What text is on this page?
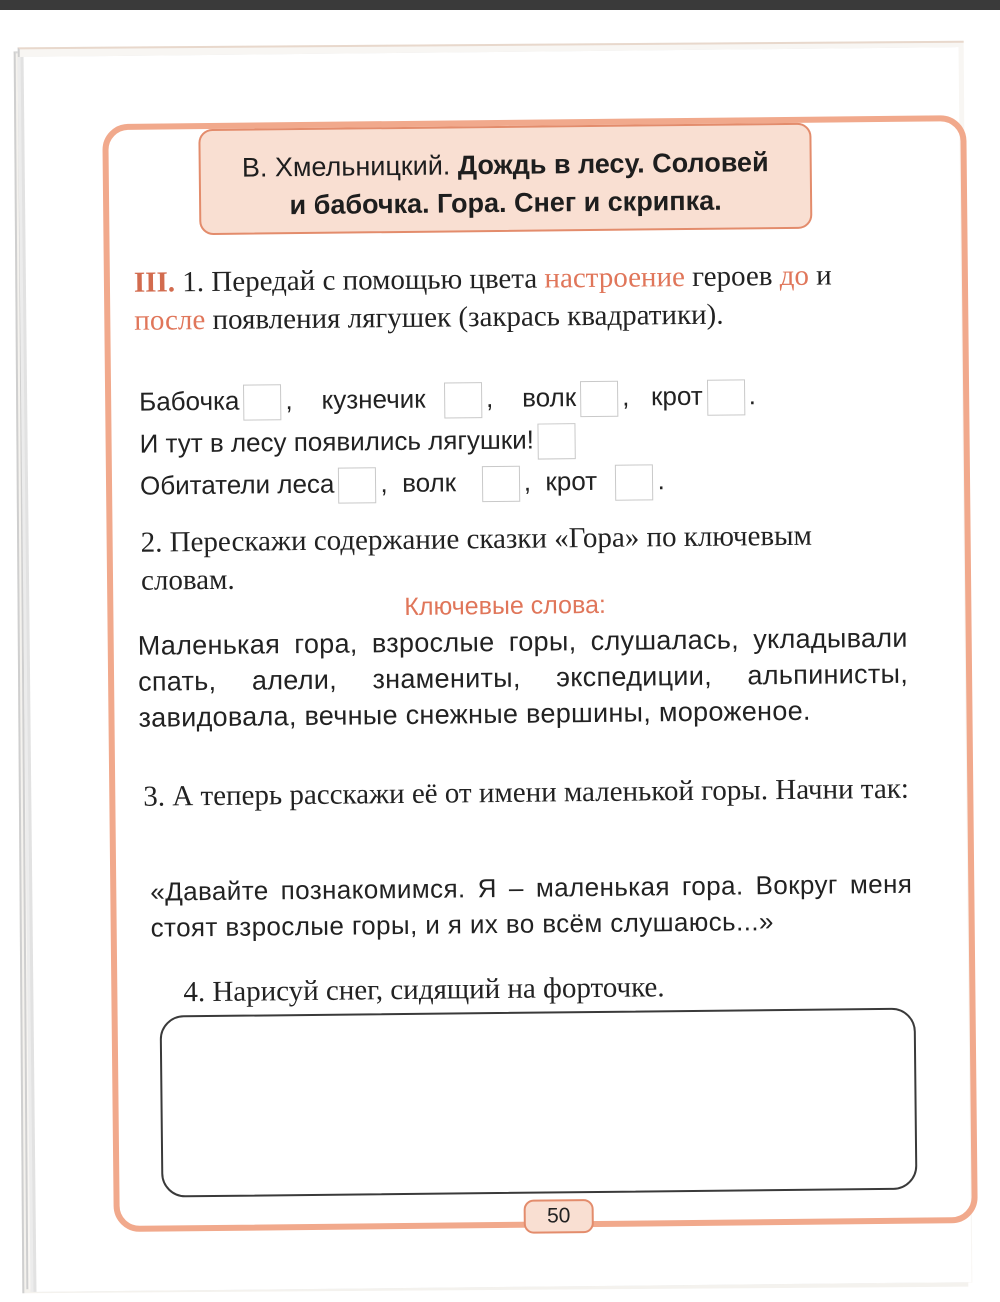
В. Хмельницкий. Дождь в лесу. Соловей
и бабочка. Гора. Снег и скрипка.
III. 1. Передай с помощью цвета настроение героев до и после появления лягушек (закрась квадратики).
Бабочка , кузнечик , волк , крот .
И тут в лесу появились лягушки!
Обитатели леса , волк	, крот .
2. Перескажи содержание сказки «Гора» по ключевым словам.
Ключевые слова:
Маленькая гора, взрослые горы, слушалась, укладывали спать, алели, знамениты, экспедиции, альпинисты, завидовала, вечные снежные вершины, мороженое.
3. А теперь расскажи её от имени маленькой горы. Начни так:
«Давайте познакомимся. Я – маленькая гора. Вокруг меня стоят взрослые горы, и я их во всём слушаюсь...»
4. Нарисуй снег, сидящий на форточке.
50
